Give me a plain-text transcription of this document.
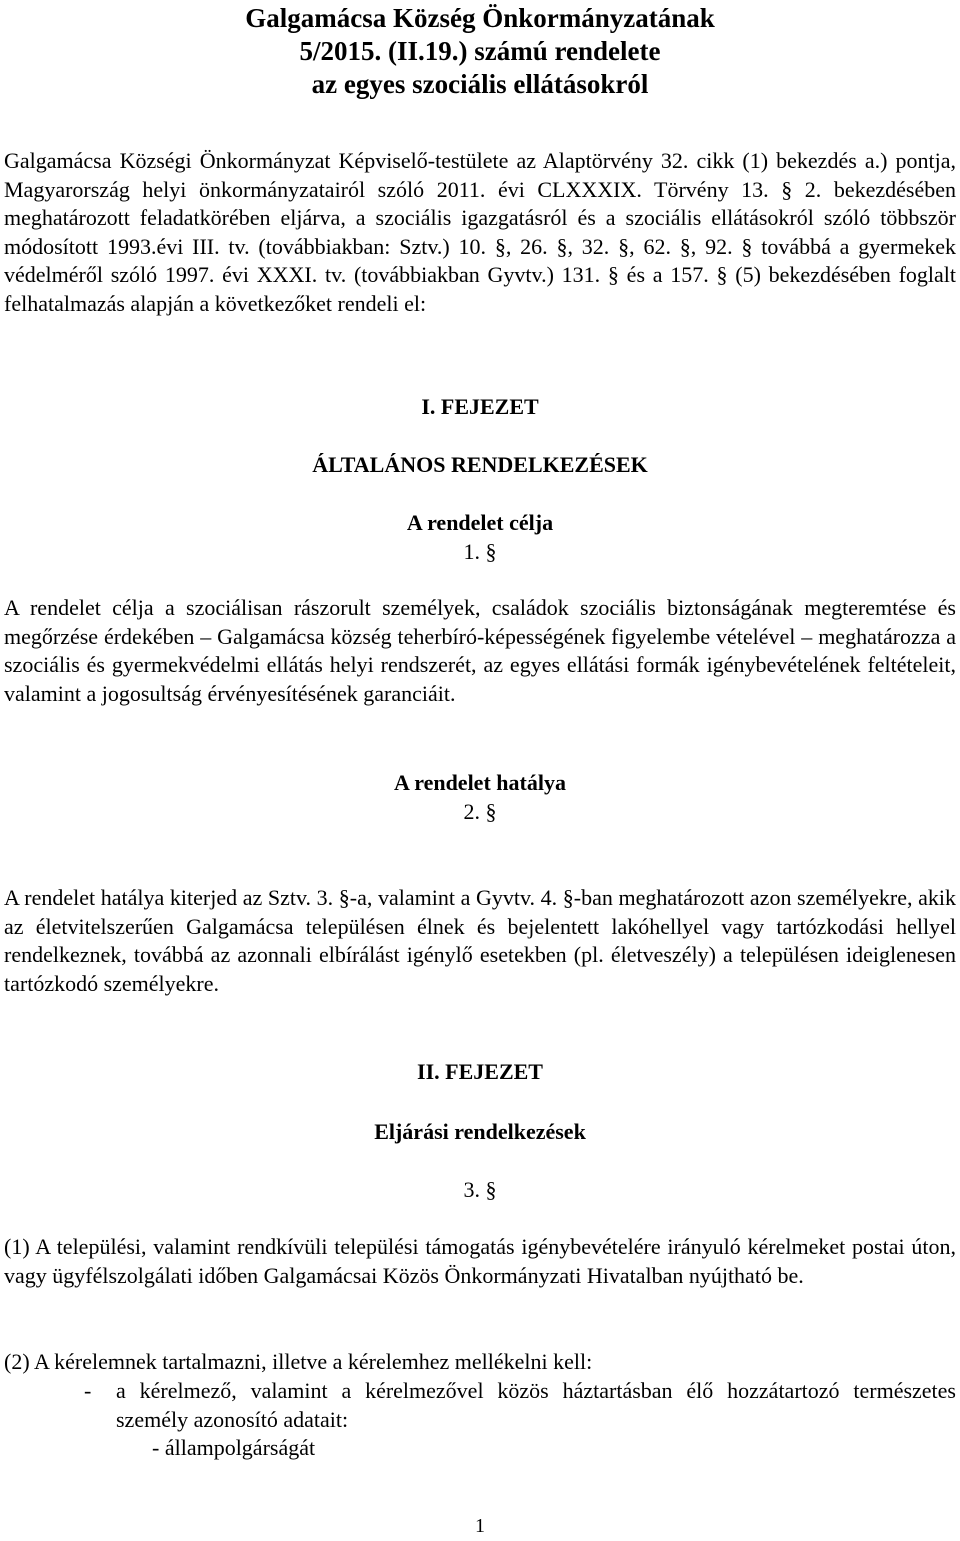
Galgamácsa Község Önkormányzatának

5/2015. (II.19.) számú rendelete

az egyes szociális ellátásokról

Galgamácsa Községi Önkormányzat Képviselő-testülete az Alaptörvény 32. cikk (1) bekezdés a.) pontja, Magyarország helyi önkormányzatairól szóló 2011. évi CLXXXIX. Törvény 13. § 2. bekezdésében meghatározott feladatkörében eljárva, a szociális igazgatásról és a szociális ellátásokról szóló többször módosított 1993.évi III. tv. (továbbiakban: Sztv.) 10. §, 26. §, 32. §, 62. §, 92. § továbbá a gyermekek védelméről szóló 1997. évi XXXI. tv. (továbbiakban Gyvtv.) 131. § és a 157. § (5) bekezdésében foglalt felhatalmazás alapján a következőket rendeli el:

I. FEJEZET

ÁLTALÁNOS RENDELKEZÉSEK

A rendelet célja

1. §

A rendelet célja a szociálisan rászorult személyek, családok szociális biztonságának megteremtése és megőrzése érdekében – Galgamácsa község teherbíró-képességének figyelembe vételével – meghatározza a szociális és gyermekvédelmi ellátás helyi rendszerét, az egyes ellátási formák igénybevételének feltételeit, valamint a jogosultság érvényesítésének garanciáit.

A rendelet hatálya

2. §

A rendelet hatálya kiterjed az Sztv. 3. §-a, valamint a Gyvtv. 4. §-ban meghatározott azon személyekre, akik az életvitelszerűen Galgamácsa településen élnek és bejelentett lakóhellyel vagy tartózkodási hellyel rendelkeznek, továbbá az azonnali elbírálást igénylő esetekben (pl. életveszély) a településen ideiglenesen tartózkodó személyekre.

II. FEJEZET

Eljárási rendelkezések

3. §

(1) A települési, valamint rendkívüli települési támogatás igénybevételére irányuló kérelmeket postai úton, vagy ügyfélszolgálati időben Galgamácsai Közös Önkormányzati Hivatalban nyújtható be.

(2) A kérelemnek tartalmazni, illetve a kérelemhez mellékelni kell:

-	a kérelmező, valamint a kérelmezővel közös háztartásban élő hozzátartozó természetes személy azonosító adatait:
- állampolgárságát
1
